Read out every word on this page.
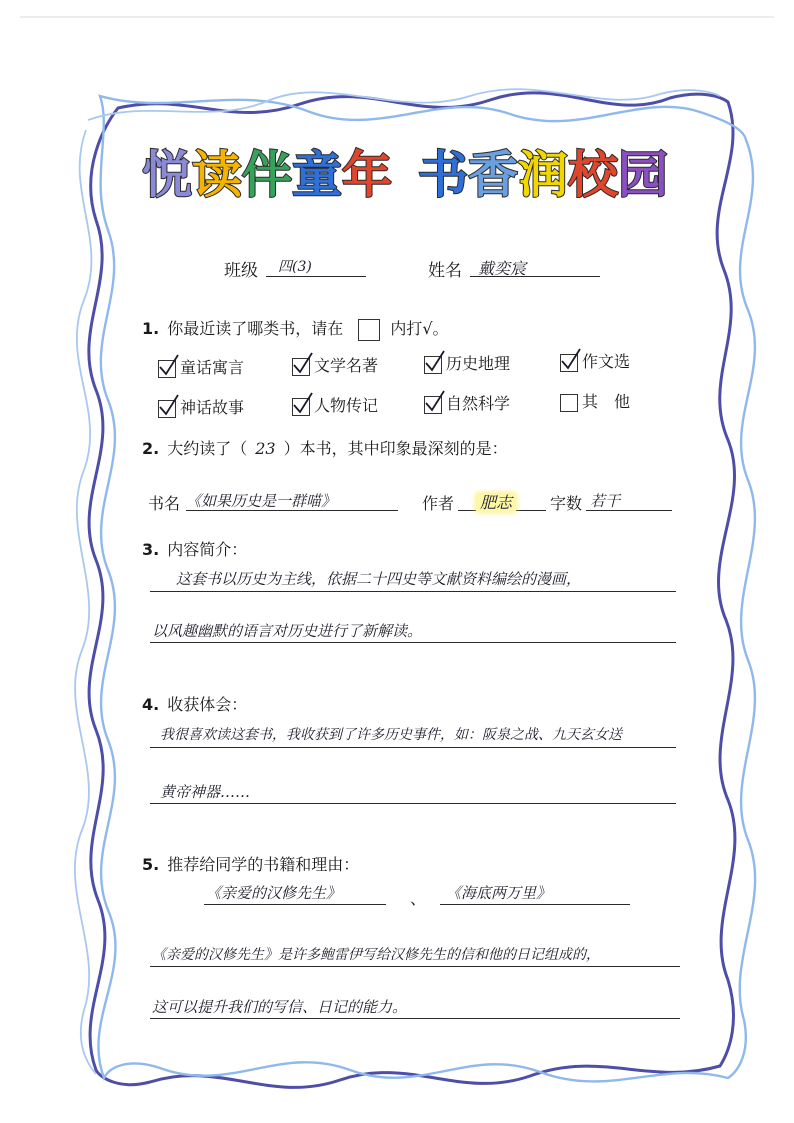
悦 读 伴 童 年 书 香 润 校 园
班级	四(3)	姓名	戴奕宸
1. 你最近读了哪类书，请在	内打√。
童话寓言	文学名著	历史地理	作文选
神话故事	人物传记	自然科学	其　他
2. 大约读了（ 23 ）本书，其中印象最深刻的是：
书名 《如果历史是一群喵》	作者	肥志	字数 若干
3. 内容简介：
这套书以历史为主线，依据二十四史等文献资料编绘的漫画，
以风趣幽默的语言对历史进行了新解读。
4. 收获体会：
我很喜欢读这套书，我收获到了许多历史事件，如：阪泉之战、九天玄女送
黄帝神器……
5. 推荐给同学的书籍和理由：
《亲爱的汉修先生》	、 《海底两万里》
《亲爱的汉修先生》是许多鲍雷伊写给汉修先生的信和他的日记组成的，
这可以提升我们的写信、日记的能力。
